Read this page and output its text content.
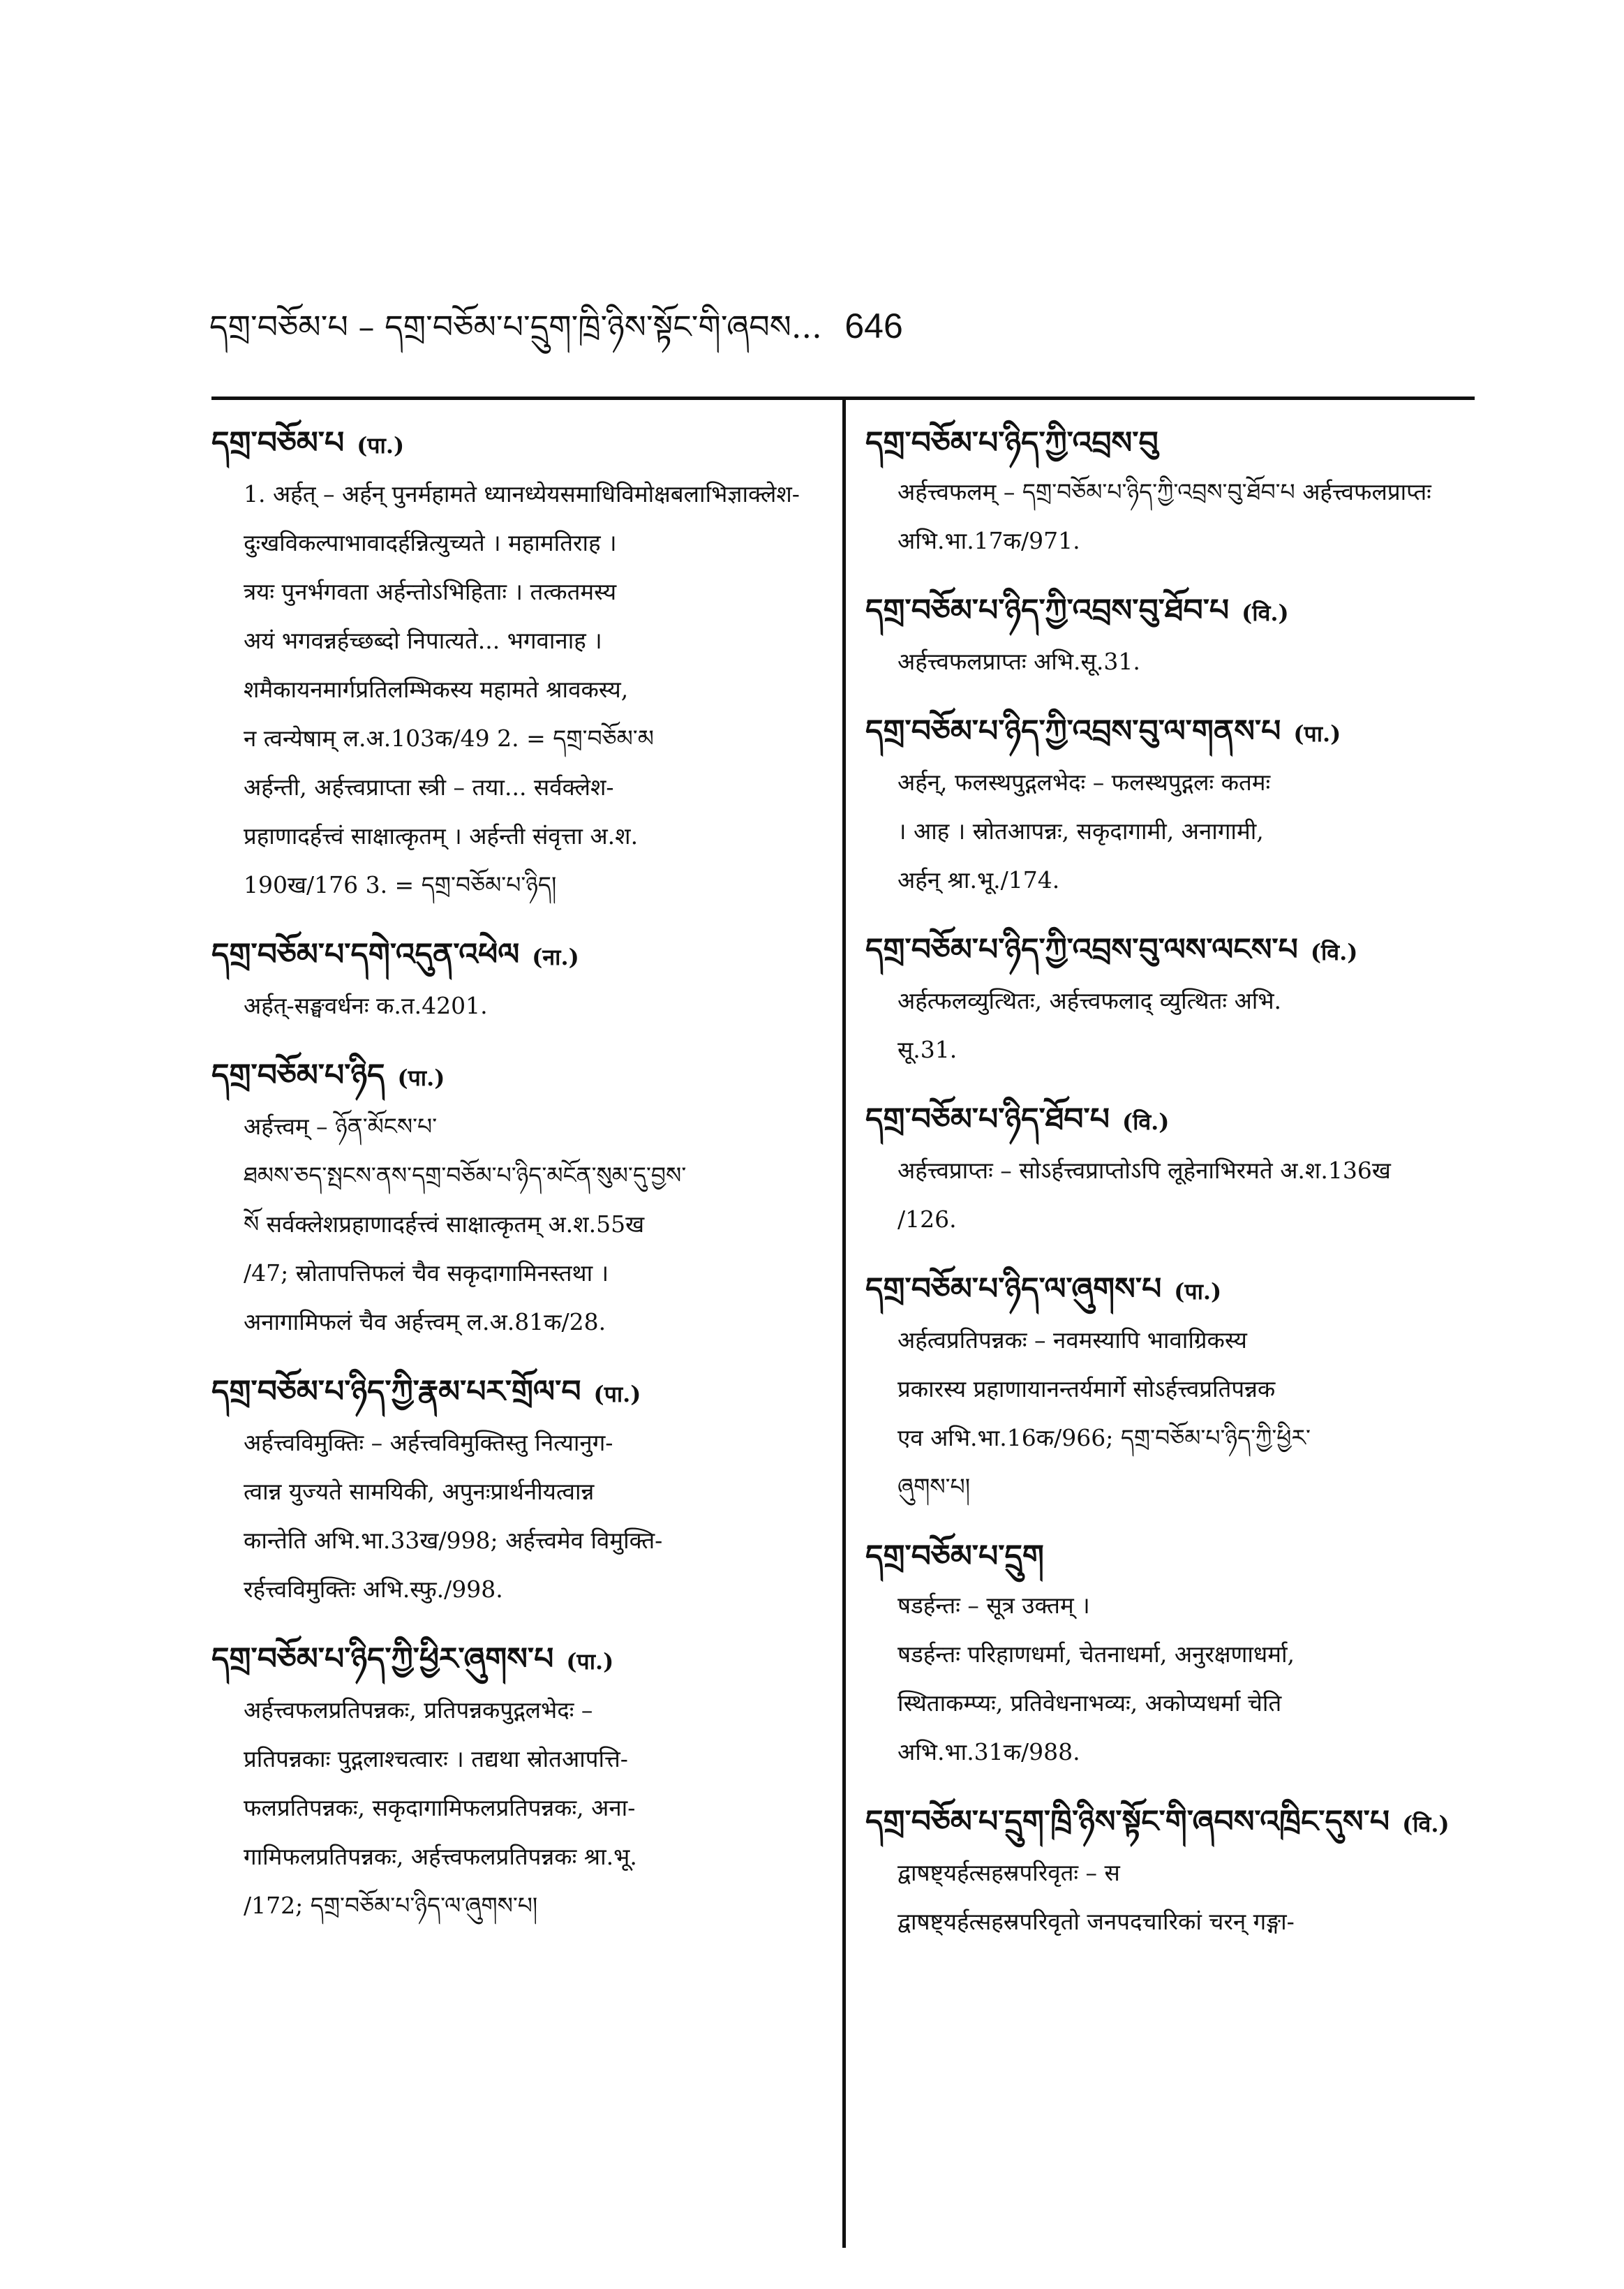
དགྲ་བཅོམ་པ – དགྲ་བཅོམ་པ་དྲུག་ཁྲི་ཉིས་སྟོང་གི་ཞབས... 646
དགྲ་བཅོམ་པ (पा.)
1. अर्हत् – अर्हन् पुनर्महामते ध्यानध्येयसमाधिविमोक्षबलाभिज्ञाक्लेश-
दुःखविकल्पाभावादर्हन्नित्युच्यते । महामतिराह ।
त्रयः पुनर्भगवता अर्हन्तोऽभिहिताः । तत्कतमस्य
अयं भगवन्नर्हच्छब्दो निपात्यते... भगवानाह ।
शमैकायनमार्गप्रतिलम्भिकस्य महामते श्रावकस्य,
न त्वन्येषाम् ल.अ.103क/49 2. = དགྲ་བཅོམ་མ
अर्हन्ती, अर्हत्त्वप्राप्ता स्त्री – तया... सर्वक्लेश-
प्रहाणादर्हत्त्वं साक्षात्कृतम् । अर्हन्ती संवृत्ता अ.श.
190ख/176 3. = དགྲ་བཅོམ་པ་ཉིད།
དགྲ་བཅོམ་པ་དགེ་འདུན་འཕེལ (ना.)
अर्हत्-सङ्घवर्धनः क.त.4201.
དགྲ་བཅོམ་པ་ཉིད (पा.)
अर्हत्त्वम् – ཉོན་མོངས་པ་
ཐམས་ཅད་སྤངས་ནས་དགྲ་བཅོམ་པ་ཉིད་མངོན་སུམ་དུ་བྱས་
སོ सर्वक्लेशप्रहाणादर्हत्त्वं साक्षात्कृतम् अ.श.55ख
/47; स्रोतापत्तिफलं चैव सकृदागामिनस्तथा ।
अनागामिफलं चैव अर्हत्त्वम् ल.अ.81क/28.
དགྲ་བཅོམ་པ་ཉིད་ཀྱི་རྣམ་པར་གྲོལ་བ (पा.)
अर्हत्त्वविमुक्तिः – अर्हत्त्वविमुक्तिस्तु नित्यानुग-
त्वान्न युज्यते सामयिकी, अपुनःप्रार्थनीयत्वान्न
कान्तेति अभि.भा.33ख/998; अर्हत्त्वमेव विमुक्ति-
रर्हत्त्वविमुक्तिः अभि.स्फु./998.
དགྲ་བཅོམ་པ་ཉིད་ཀྱི་ཕྱིར་ཞུགས་པ (पा.)
अर्हत्त्वफलप्रतिपन्नकः, प्रतिपन्नकपुद्गलभेदः –
प्रतिपन्नकाः पुद्गलाश्चत्वारः । तद्यथा स्रोतआपत्ति-
फलप्रतिपन्नकः, सकृदागामिफलप्रतिपन्नकः, अना-
गामिफलप्रतिपन्नकः, अर्हत्त्वफलप्रतिपन्नकः श्रा.भू.
/172; དགྲ་བཅོམ་པ་ཉིད་ལ་ཞུགས་པ།
དགྲ་བཅོམ་པ་ཉིད་ཀྱི་འབྲས་བུ
अर्हत्त्वफलम् – དགྲ་བཅོམ་པ་ཉིད་ཀྱི་འབྲས་བུ་ཐོབ་པ अर्हत्त्वफलप्राप्तः
अभि.भा.17क/971.
དགྲ་བཅོམ་པ་ཉིད་ཀྱི་འབྲས་བུ་ཐོབ་པ (वि.)
अर्हत्त्वफलप्राप्तः अभि.सू.31.
དགྲ་བཅོམ་པ་ཉིད་ཀྱི་འབྲས་བུ་ལ་གནས་པ (पा.)
अर्हन्, फलस्थपुद्गलभेदः – फलस्थपुद्गलः कतमः
। आह । स्रोतआपन्नः, सकृदागामी, अनागामी,
अर्हन् श्रा.भू./174.
དགྲ་བཅོམ་པ་ཉིད་ཀྱི་འབྲས་བུ་ལས་ལངས་པ (वि.)
अर्हत्फलव्युत्थितः, अर्हत्त्वफलाद् व्युत्थितः अभि.
सू.31.
དགྲ་བཅོམ་པ་ཉིད་ཐོབ་པ (वि.)
अर्हत्त्वप्राप्तः – सोऽर्हत्त्वप्राप्तोऽपि लूहेनाभिरमते अ.श.136ख
/126.
དགྲ་བཅོམ་པ་ཉིད་ལ་ཞུགས་པ (पा.)
अर्हत्वप्रतिपन्नकः – नवमस्यापि भावाग्रिकस्य
प्रकारस्य प्रहाणायानन्तर्यमार्गे सोऽर्हत्त्वप्रतिपन्नक
एव अभि.भा.16क/966; དགྲ་བཅོམ་པ་ཉིད་ཀྱི་ཕྱིར་
ཞུགས་པ།
དགྲ་བཅོམ་པ་དྲུག
षडर्हन्तः – सूत्र उक्तम् ।
षडर्हन्तः परिहाणधर्मा, चेतनाधर्मा, अनुरक्षणाधर्मा,
स्थिताकम्प्यः, प्रतिवेधनाभव्यः, अकोप्यधर्मा चेति
अभि.भा.31क/988.
དགྲ་བཅོམ་པ་དྲུག་ཁྲི་ཉིས་སྟོང་གི་ཞབས་འཁྲིང་དུས་པ (वि.)
द्वाषष्ट्यर्हत्सहस्रपरिवृतः – स
द्वाषष्ट्यर्हत्सहस्रपरिवृतो जनपदचारिकां चरन् गङ्गा-
